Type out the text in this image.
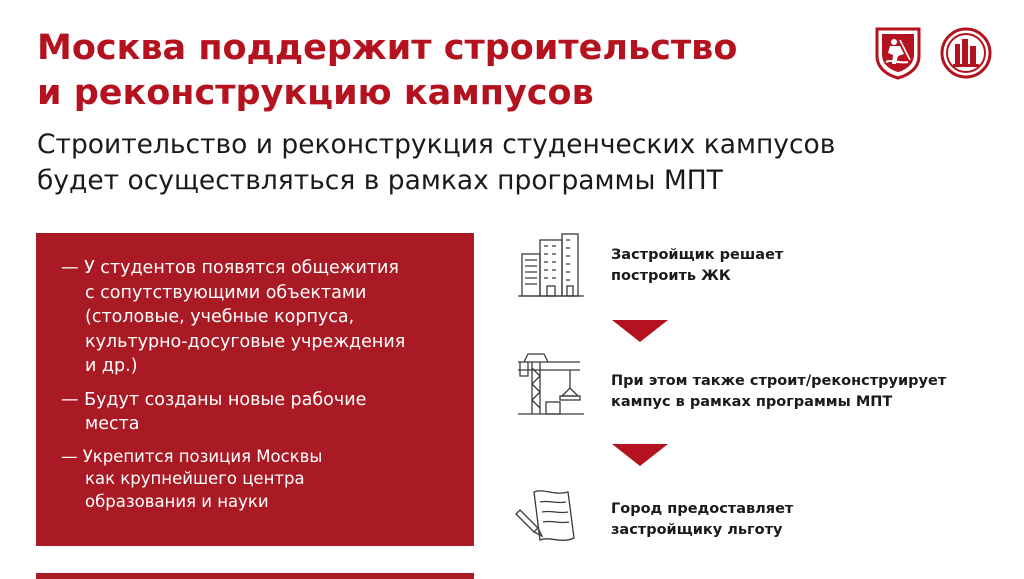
Москва поддержит строительство
и реконструкцию кампусов

Строительство и реконструкция студенческих кампусов
будет осуществляться в рамках программы МПТ

— У студентов появятся общежития
с сопутствующими объектами
(столовые, учебные корпуса,
культурно-досуговые учреждения
и др.)
— Будут созданы новые рабочие
места
— Укрепится позиция Москвы
как крупнейшего центра
образования и науки
Застройщик решает
построить ЖК
При этом также строит/реконструирует
кампус в рамках программы МПТ
Город предоставляет
застройщику льготу
